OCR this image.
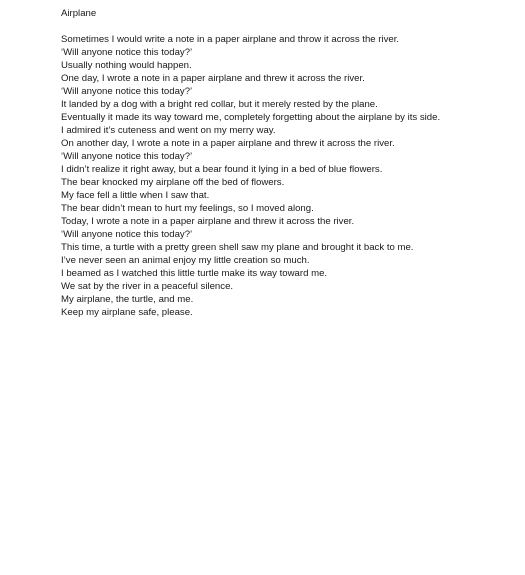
Airplane
Sometimes I would write a note in a paper airplane and throw it across the river.
‘Will anyone notice this today?’
Usually nothing would happen.
One day, I wrote a note in a paper airplane and threw it across the river.
‘Will anyone notice this today?’
It landed by a dog with a bright red collar, but it merely rested by the plane.
Eventually it made its way toward me, completely forgetting about the airplane by its side.
I admired it’s cuteness and went on my merry way.
On another day, I wrote a note in a paper airplane and threw it across the river.
‘Will anyone notice this today?’
I didn’t realize it right away, but a bear found it lying in a bed of blue flowers.
The bear knocked my airplane off the bed of flowers.
My face fell a little when I saw that.
The bear didn’t mean to hurt my feelings, so I moved along.
Today, I wrote a note in a paper airplane and threw it across the river.
‘Will anyone notice this today?’
This time, a turtle with a pretty green shell saw my plane and brought it back to me.
I’ve never seen an animal enjoy my little creation so much.
I beamed as I watched this little turtle make its way toward me.
We sat by the river in a peaceful silence.
My airplane, the turtle, and me.
Keep my airplane safe, please.
